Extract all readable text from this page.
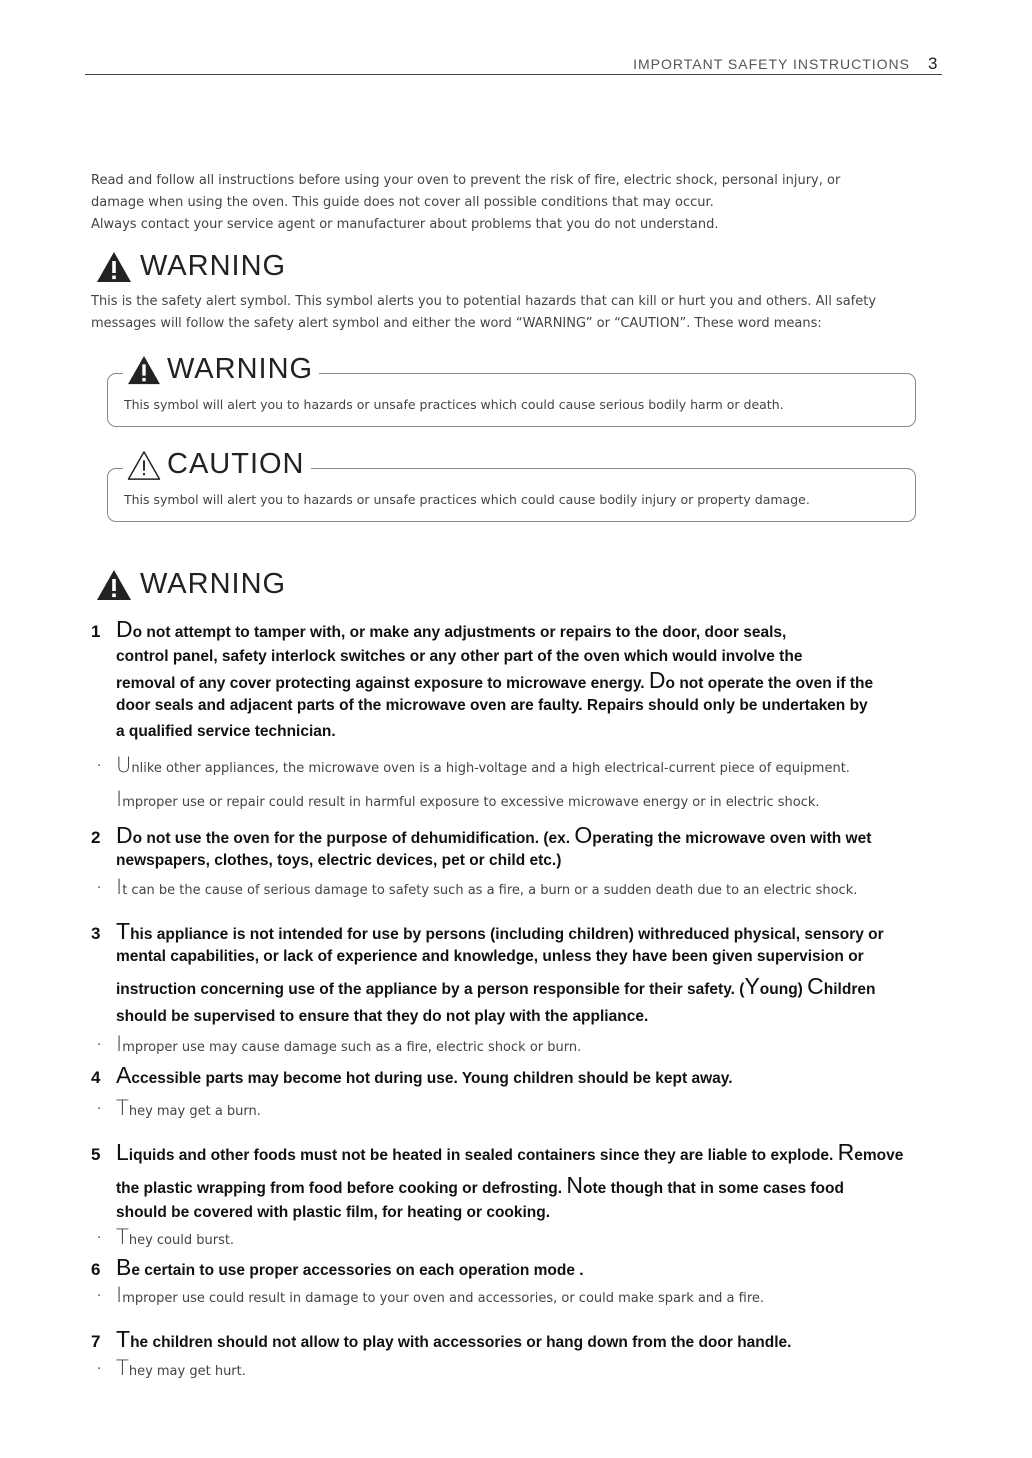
IMPORTANT SAFETY INSTRUCTIONS 3

Read and follow all instructions before using your oven to prevent the risk of fire, electric shock, personal injury, or

damage when using the oven. This guide does not cover all possible conditions that may occur.

Always contact your service agent or manufacturer about problems that you do not understand.

WARNING
This is the safety alert symbol. This symbol alerts you to potential hazards that can kill or hurt you and others. All safety
messages will follow the safety alert symbol and either the word “WARNING” or “CAUTION”. These word means:
WARNING
This symbol will alert you to hazards or unsafe practices which could cause serious bodily harm or death.
CAUTION
This symbol will alert you to hazards or unsafe practices which could cause bodily injury or property damage.
WARNING
1 Do not attempt to tamper with, or make any adjustments or repairs to the door, door seals,
control panel, safety interlock switches or any other part of the oven which would involve the
removal of any cover protecting against exposure to microwave energy. Do not operate the oven if the
door seals and adjacent parts of the microwave oven are faulty. Repairs should only be undertaken by
a qualified service technician.
· Unlike other appliances, the microwave oven is a high-voltage and a high electrical-current piece of equipment.
Improper use or repair could result in harmful exposure to excessive microwave energy or in electric shock.
2 Do not use the oven for the purpose of dehumidification. (ex. Operating the microwave oven with wet
newspapers, clothes, toys, electric devices, pet or child etc.)
· It can be the cause of serious damage to safety such as a fire, a burn or a sudden death due to an electric shock.
3 This appliance is not intended for use by persons (including children) withreduced physical, sensory or
mental capabilities, or lack of experience and knowledge, unless they have been given supervision or
instruction concerning use of the appliance by a person responsible for their safety. (Young) Children
should be supervised to ensure that they do not play with the appliance.
· Improper use may cause damage such as a fire, electric shock or burn.
4 Accessible parts may become hot during use. Young children should be kept away.
· They may get a burn.
5 Liquids and other foods must not be heated in sealed containers since they are liable to explode. Remove
the plastic wrapping from food before cooking or defrosting. Note though that in some cases food
should be covered with plastic film, for heating or cooking.
· They could burst.
6 Be certain to use proper accessories on each operation mode .
· Improper use could result in damage to your oven and accessories, or could make spark and a fire.
7 The children should not allow to play with accessories or hang down from the door handle.
· They may get hurt.
